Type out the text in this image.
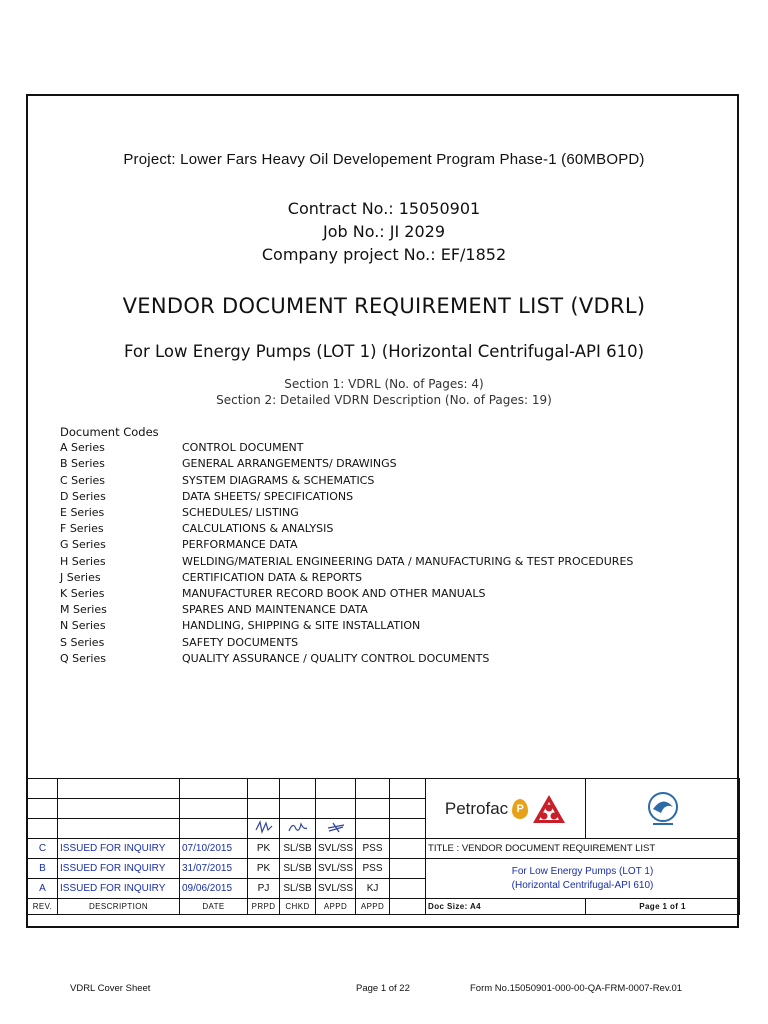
Project: Lower Fars Heavy Oil Developement Program Phase-1 (60MBOPD)
Contract No.: 15050901
Job No.: JI 2029
Company project No.: EF/1852
VENDOR DOCUMENT REQUIREMENT LIST (VDRL)
For Low Energy Pumps (LOT 1) (Horizontal Centrifugal-API 610)
Section 1: VDRL (No. of Pages: 4)
Section 2: Detailed VDRN Description (No. of Pages: 19)
Document Codes
A Series	CONTROL DOCUMENT
B Series	GENERAL ARRANGEMENTS/ DRAWINGS
C Series	SYSTEM DIAGRAMS & SCHEMATICS
D Series	DATA SHEETS/ SPECIFICATIONS
E Series	SCHEDULES/ LISTING
F Series	CALCULATIONS & ANALYSIS
G Series	PERFORMANCE DATA
H Series	WELDING/MATERIAL ENGINEERING DATA / MANUFACTURING & TEST PROCEDURES
J Series	CERTIFICATION DATA & REPORTS
K Series	MANUFACTURER RECORD BOOK AND OTHER MANUALS
M Series	SPARES AND MAINTENANCE DATA
N Series	HANDLING, SHIPPING & SITE INSTALLATION
S Series	SAFETY DOCUMENTS
Q Series	QUALITY ASSURANCE / QUALITY CONTROL DOCUMENTS

								Petrofac P

C	ISSUED FOR INQUIRY	07/10/2015	PK	SL/SB	SVL/SS	PSS		TITLE : VENDOR DOCUMENT REQUIREMENT LIST	
B	ISSUED FOR INQUIRY	31/07/2015	PK	SL/SB	SVL/SS	PSS		For Low Energy Pumps (LOT 1)
(Horizontal Centrifugal-API 610)	

A	ISSUED FOR INQUIRY	09/06/2015	PJ	SL/SB	SVL/SS	KJ			
REV.	DESCRIPTION	DATE	PRPD	CHKD	APPD	APPD		Doc Size: A4	Page 1 of 1
VDRL Cover Sheet	Page 1 of 22	Form No.15050901-000-00-QA-FRM-0007-Rev.01
